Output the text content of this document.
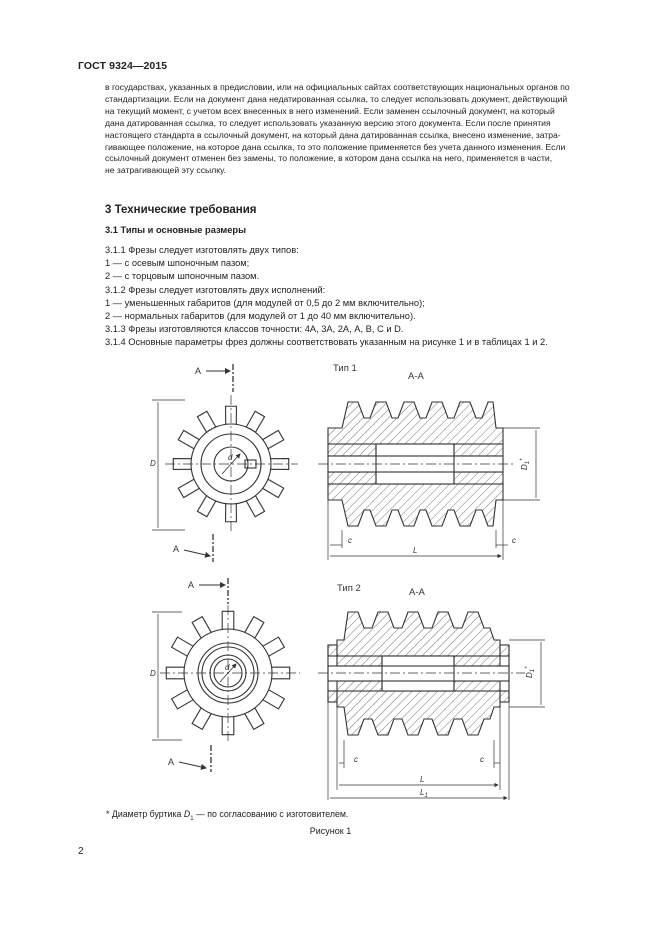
ГОСТ 9324—2015

в государствах, указанных в предисловии, или на официальных сайтах соответствующих национальных органов по

стандартизации. Если на документ дана недатированная ссылка, то следует использовать документ, действующий

на текущий момент, с учетом всех внесенных в него изменений. Если заменен ссылочный документ, на который

дана датированная ссылка, то следует использовать указанную версию этого документа. Если после принятия

настоящего стандарта в ссылочный документ, на который дана датированная ссылка, внесено изменение, затра-

гивающее положение, на которое дана ссылка, то это положение применяется без учета данного изменения. Если

ссылочный документ отменен без замены, то положение, в котором дана ссылка на него, применяется в части,

не затрагивающей эту ссылку.

3 Технические требования
3.1 Типы и основные размеры
3.1.1 Фрезы следует изготовлять двух типов:
1 — с осевым шпоночным пазом;
2 — с торцовым шпоночным пазом.
3.1.2 Фрезы следует изготовлять двух исполнений:
1 — уменьшенных габаритов (для модулей от 0,5 до 2 мм включительно);
2 — нормальных габаритов (для модулей от 1 до 40 мм включительно).
3.1.3 Фрезы изготовляются классов точности: 4А, 3А, 2А, А, В, С и D.
3.1.4 Основные параметры фрез должны соответствовать указанным на рисунке 1 и в таблицах 1 и 2.
D
d
А
А
Тип 1
А-А
$D_1^*$
c	c
L
D
d
А
А
Тип 2	А-А
$D_1^*$
c	c
L
$L_1$
* Диаметр буртика $D_1$ — по согласованию с изготовителем.
Рисунок 1
2
